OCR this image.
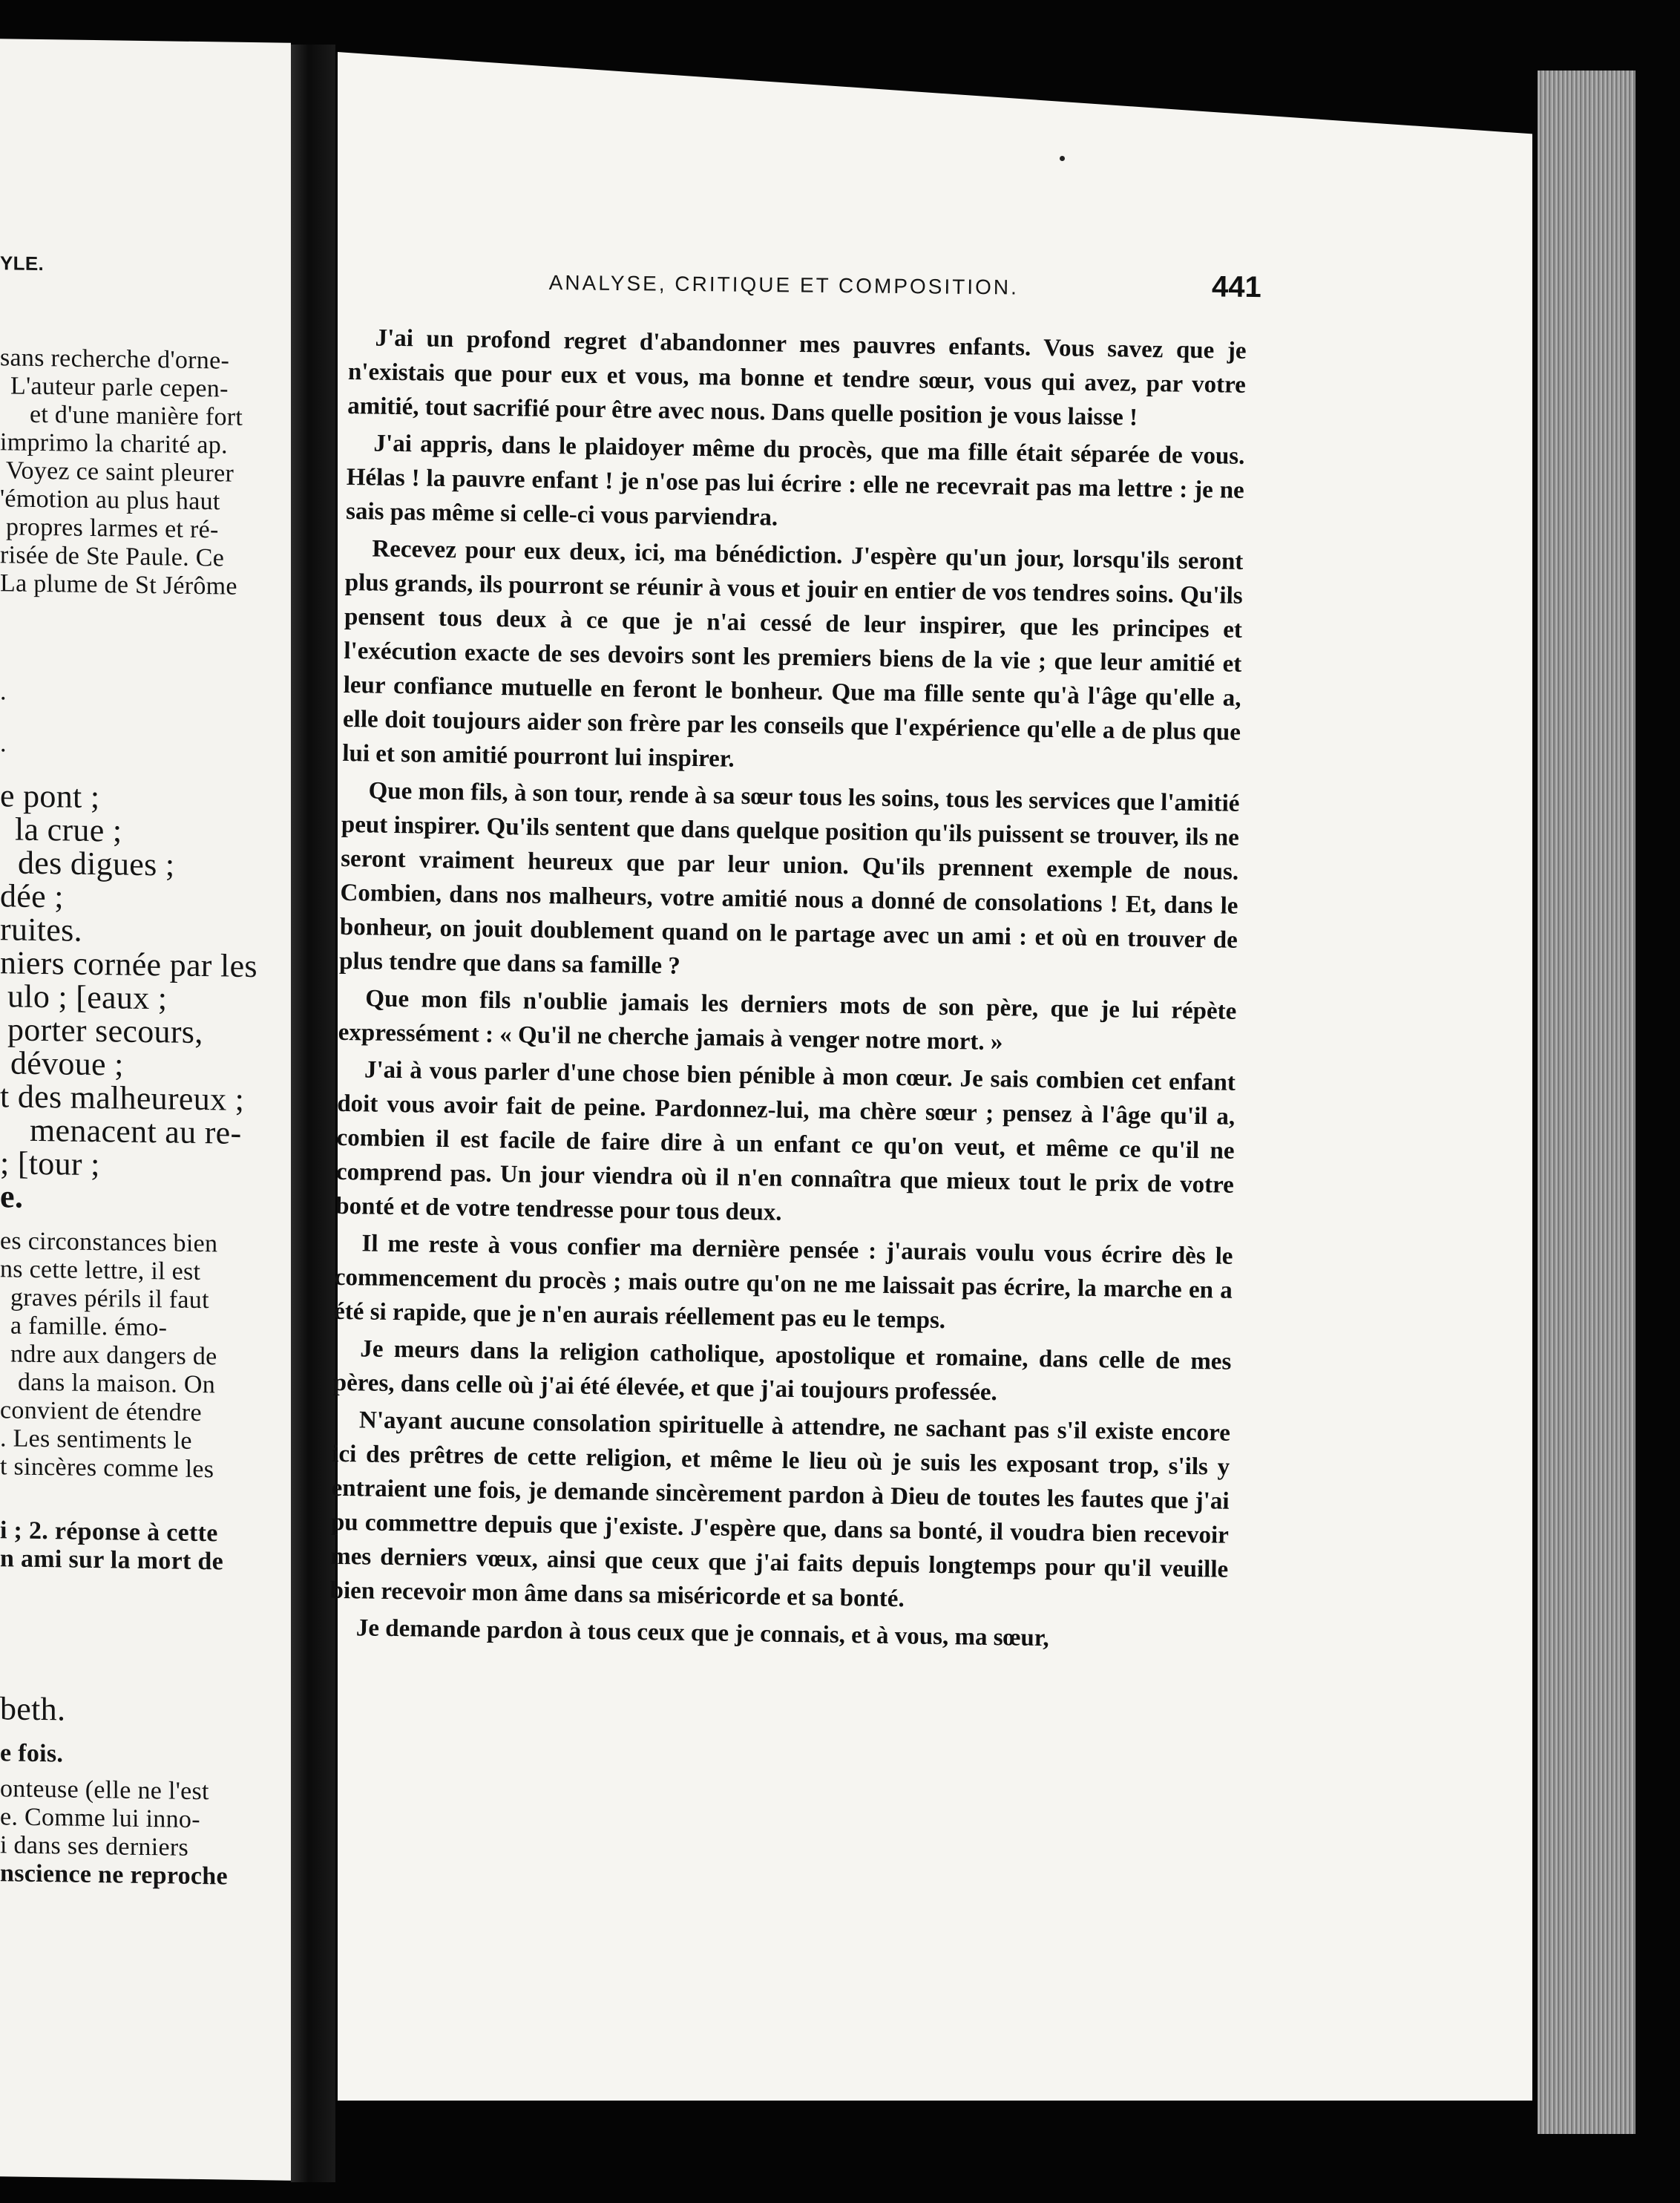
YLE.
sans recherche d'orne-
L'auteur parle cepen-
et d'une manière fort
imprimo la charité ap.
Voyez ce saint pleurer
'émotion au plus haut
propres larmes et ré-
risée de Ste Paule. Ce
La plume de St Jérôme
.
.
e pont ;
la crue ;
des digues ;
dée ;
ruites.
niers cornée par les
ulo ; [eaux ;
porter secours,
dévoue ;
t des malheureux ;
menacent au re-
; [tour ;
e.
es circonstances bien
ns cette lettre, il est
graves périls il faut
a famille. émo-
ndre aux dangers de
dans la maison. On
convient de étendre
. Les sentiments le
t sincères comme les
i ; 2. réponse à cette
n ami sur la mort de
beth.
e fois.
onteuse (elle ne l'est
e. Comme lui inno-
i dans ses derniers
nscience ne reproche
ANALYSE, CRITIQUE ET COMPOSITION.	441

J'ai un profond regret d'abandonner mes pauvres enfants. Vous savez que je n'existais que pour eux et vous, ma bonne et tendre sœur, vous qui avez, par votre amitié, tout sacrifié pour être avec nous. Dans quelle position je vous laisse !

J'ai appris, dans le plaidoyer même du procès, que ma fille était séparée de vous. Hélas ! la pauvre enfant ! je n'ose pas lui écrire : elle ne recevrait pas ma lettre : je ne sais pas même si celle-ci vous parviendra.

Recevez pour eux deux, ici, ma bénédiction. J'espère qu'un jour, lorsqu'ils seront plus grands, ils pourront se réunir à vous et jouir en entier de vos tendres soins. Qu'ils pensent tous deux à ce que je n'ai cessé de leur inspirer, que les principes et l'exécution exacte de ses devoirs sont les premiers biens de la vie ; que leur amitié et leur confiance mutuelle en feront le bonheur. Que ma fille sente qu'à l'âge qu'elle a, elle doit toujours aider son frère par les conseils que l'expérience qu'elle a de plus que lui et son amitié pourront lui inspirer.

Que mon fils, à son tour, rende à sa sœur tous les soins, tous les services que l'amitié peut inspirer. Qu'ils sentent que dans quelque position qu'ils puissent se trouver, ils ne seront vraiment heureux que par leur union. Qu'ils prennent exemple de nous. Combien, dans nos malheurs, votre amitié nous a donné de consolations ! Et, dans le bonheur, on jouit doublement quand on le partage avec un ami : et où en trouver de plus tendre que dans sa famille ?

Que mon fils n'oublie jamais les derniers mots de son père, que je lui répète expressément : « Qu'il ne cherche jamais à venger notre mort. »

J'ai à vous parler d'une chose bien pénible à mon cœur. Je sais combien cet enfant doit vous avoir fait de peine. Pardonnez-lui, ma chère sœur ; pensez à l'âge qu'il a, combien il est facile de faire dire à un enfant ce qu'on veut, et même ce qu'il ne comprend pas. Un jour viendra où il n'en connaîtra que mieux tout le prix de votre bonté et de votre tendresse pour tous deux.

Il me reste à vous confier ma dernière pensée : j'aurais voulu vous écrire dès le commencement du procès ; mais outre qu'on ne me laissait pas écrire, la marche en a été si rapide, que je n'en aurais réellement pas eu le temps.

Je meurs dans la religion catholique, apostolique et romaine, dans celle de mes pères, dans celle où j'ai été élevée, et que j'ai toujours professée.

N'ayant aucune consolation spirituelle à attendre, ne sachant pas s'il existe encore ici des prêtres de cette religion, et même le lieu où je suis les exposant trop, s'ils y entraient une fois, je demande sincèrement pardon à Dieu de toutes les fautes que j'ai pu commettre depuis que j'existe. J'espère que, dans sa bonté, il voudra bien recevoir mes derniers vœux, ainsi que ceux que j'ai faits depuis longtemps pour qu'il veuille bien recevoir mon âme dans sa miséricorde et sa bonté.

Je demande pardon à tous ceux que je connais, et à vous, ma sœur,
